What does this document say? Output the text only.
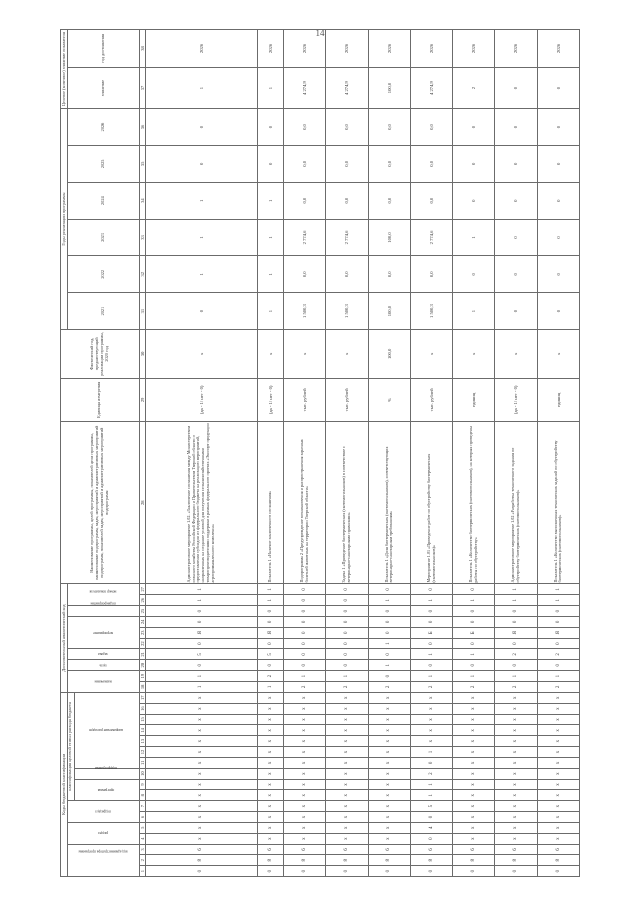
14
Коды бюджетной классификации																	Дополнительный аналитический код										Наименование программы, целей программы, показателей цели программы, наименование подпрограмм, задач, мероприятий и административных мероприятий подпрограмм, показателей задач, мероприятий и административных мероприятий подпрограмм	Единица измерения	Фактический год, предшествующий реализации программы, 2020 год	Годы реализации программы						Целевое (конечное) значение показателя	
код администратора программы			раздел		подраздел		классификация целевой статьи расхода бюджета										назначение		цель	задача	мероприятие			подмероприятие	номер показателя					2021	2022	2023	2024	2025	2026	значение	год достижения
							программа		подпрограмма	направление расходов																											
1	2	3	4	5	6	7	8	9	10	11	12	13	14	15	16	17	18	19	20	21	22	23	24	25	26	27	28	29	30	31	32	33	34	35	36	37	38
0	8	6	x	x	x	x	x	x	x	x	x	x	x	x	x	x	1	1	0	5	0	Я	0	0	1	1	Административное мероприятие 1.02. «Заключение соглашения между Министерством сельского хозяйства Российской Федерации и Правительством Тверской области о предоставлении субсидии из федерального бюджета на реализацию мероприятий, направленных на создание условий для получения сельскохозяйственными товаропроизводителями поддержки в рамках федерального проекта «Экспорт продукции агропромышленного комплекса»	(да - 1/ нет - 0)	x	0	1	1	1	0	0	1	2026
0	8	6	x	x	x	x	x	x	x	x	x	x	x	x	x	x	1	2	0	5	0	Я	0	0	1	1	Показатель 1 «Наличие заключенного соглашения»	(да - 1/ нет - 0)	x	1	1	1	1	0	0	1	2026
0	8	6	x	x	x	x	x	x	x	x	x	x	x	x	x	x	2	1	0	0	0	0	0	0	0	0	Подпрограмма 2 «Предупреждение возникновения и распространения заразных болезней животных на территории Тверской области»	тыс. рублей	x	1 500,3	0,0	2 774,6	0,0	0,0	0,0	4 274,9	2026
0	8	6	x	x	x	x	x	x	x	x	x	x	x	x	x	x	2	1	0	0	0	0	0	0	0	0	Задача 1 «Приведение биотермических (скотомогильников) в соответствие с ветеринарно-санитарными правилами»	тыс. рублей	x	1 500,3	0,0	2 774,6	0,0	0,0	0,0	4 274,9	2026
0	8	6	x	x	x	x	x	x	x	x	x	x	x	x	x	x	2	0	1	0	1	0	0	0	1	0	Показатель 1 «Доля биотермических (скотомогильников), соответствующих ветеринарно-санитарным требованиям»	%	100,0	100,0	0,0	100,0	0,0	0,0	0,0	100,0	2026
0	8	6	0	4	0	5	1	1	2	0	1	x	x	x	x	x	2	1	0	1	0	Б	0	0	1	0	Мероприятие 1.01 «Проведение работ по обустройству биотермических (скотомогильников)»	тыс. рублей	x	1 500,3	0,0	2 774,6	0,0	0,0	0,0	4 274,9	2026
0	8	6	x	x	x	x	x	x	x	x	x	x	x	x	x	x	2	1	0	1	0	Б	0	0	1	0	Показатель 1 «Количество биотермических (скотомогильников), на которых проведены работы по обустройству»	единиц	x	1	0	1	0	0	0	2	2026
0	8	6	x	x	x	x	x	x	x	x	x	x	x	x	x	x	2	1	0	2	0	Я	0	0	1	1	Административное мероприятие 1.02 «Разработка технического задания по обустройству биотермических (скотомогильников)»	(да - 1/ нет - 0)	x	0	0	0	0	0	0	0	2026
0	8	6	x	x	x	x	x	x	x	x	x	x	x	x	x	x	2	1	0	2	0	Я	0	0	1	1	Показатель 1 «Количество выполненных технических заданий по обустройству биотермических (скотомогильников)»	единиц	x	0	0	0	0	0	0	0	2026
